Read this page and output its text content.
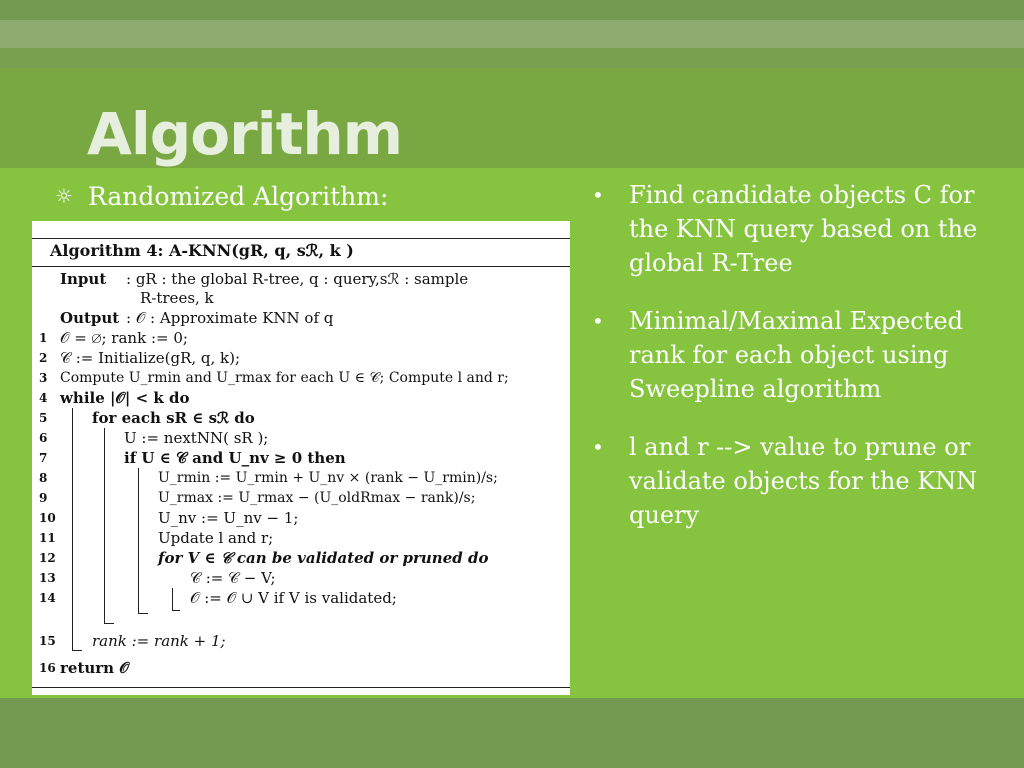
Algorithm
☼ Randomized Algorithm:
Algorithm 4: A-KNN(gR, q, sℛ, k )
Input : gR : the global R-tree, q : query,sℛ : sample
R-trees, k
Output : 𝒪 : Approximate KNN of q
1 𝒪 = ∅; rank := 0;
2 𝒞 := Initialize(gR, q, k);
3 Compute U_rmin and U_rmax for each U ∈ 𝒞; Compute l and r;
4 while |𝒪| < k do
5	for each sR ∈ sℛ do
6	U := nextNN( sR );
7	if U ∈ 𝒞 and U_nv ≥ 0 then
8	U_rmin := U_rmin + U_nv × (rank − U_rmin)/s;
9	U_rmax := U_rmax − (U_oldRmax − rank)/s;
10	U_nv := U_nv − 1;
11	Update l and r;
12	for V ∈ 𝒞 can be validated or pruned do
13	𝒞 := 𝒞 − V;
14	𝒪 := 𝒪 ∪ V if V is validated;
15 rank := rank + 1;
16 return 𝒪
•	Find candidate objects C for the KNN query based on the global R-Tree
•	Minimal/Maximal Expected rank for each object using Sweepline algorithm
•	l and r --> value to prune or validate objects for the KNN query
